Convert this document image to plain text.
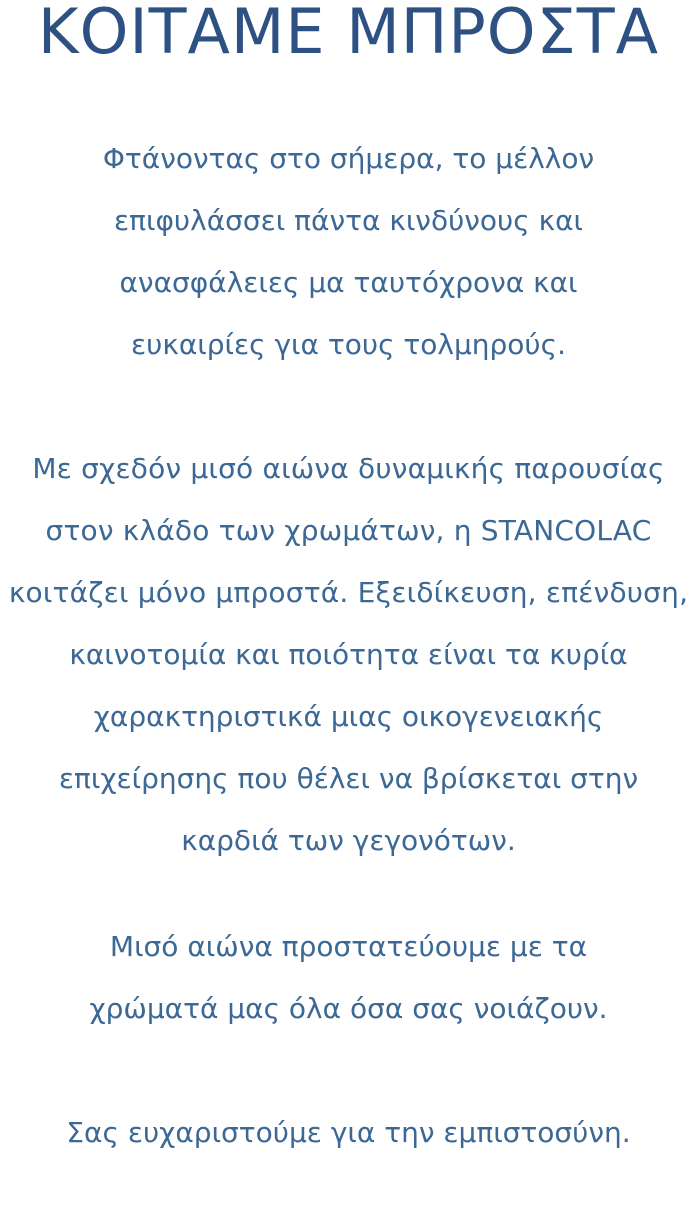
ΚΟΙΤΑΜΕ ΜΠΡΟΣΤΑ
Φτάνοντας στο σήμερα, το μέλλον
επιφυλάσσει πάντα κινδύνους και
ανασφάλειες μα ταυτόχρονα και
ευκαιρίες για τους τολμηρούς.
Με σχεδόν μισό αιώνα δυναμικής παρουσίας
στον κλάδο των χρωμάτων, η STANCOLAC
κοιτάζει μόνο μπροστά. Εξειδίκευση, επένδυση,
καινοτομία και ποιότητα είναι τα κυρία
χαρακτηριστικά μιας οικογενειακής
επιχείρησης που θέλει να βρίσκεται στην
καρδιά των γεγονότων.
Μισό αιώνα προστατεύουμε με τα
χρώματά μας όλα όσα σας νοιάζουν.
Σας ευχαριστούμε για την εμπιστοσύνη.
